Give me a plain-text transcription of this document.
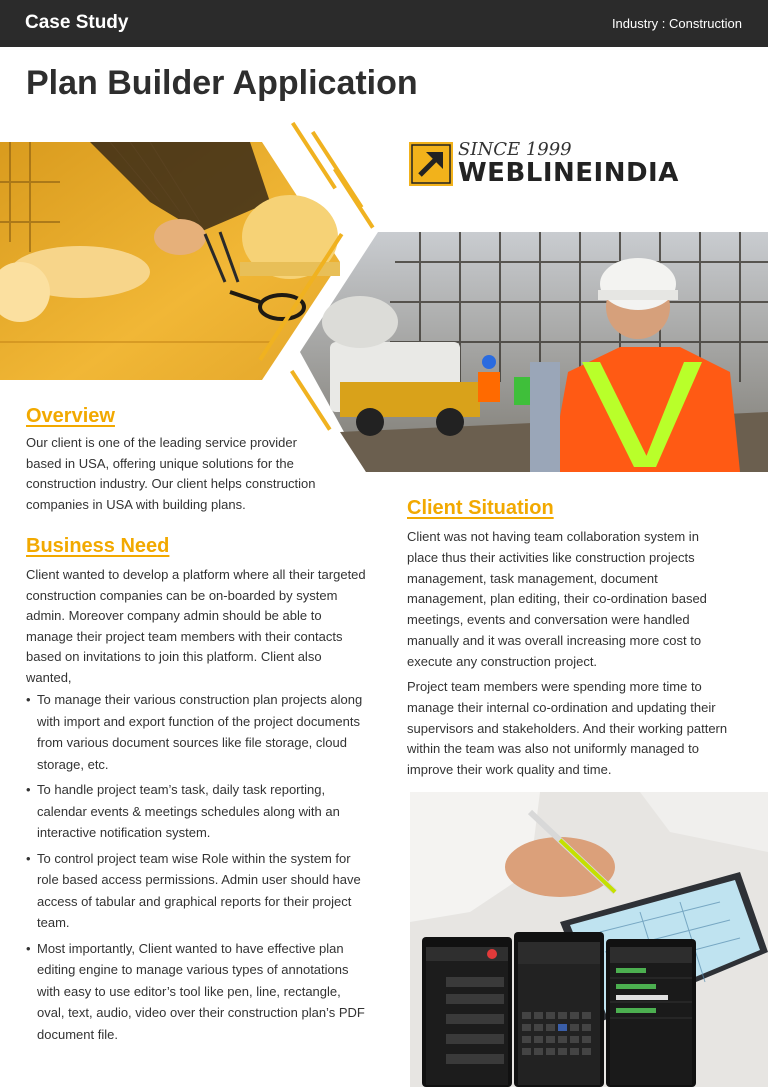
Case Study	Industry : Construction
Plan Builder Application
SINCE 1999
WEBLINEINDIA
Overview
Our client is one of the leading service provider based in USA, offering unique solutions for the construction industry. Our client helps construction companies in USA with building plans.
Business Need
Client wanted to develop a platform where all their targeted construction companies can be on-boarded by system admin. Moreover company admin should be able to manage their project team members with their contacts based on invitations to join this platform. Client also wanted,
• To manage their various construction plan projects along with import and export function of the project documents from various document sources like file storage, cloud storage, etc.
• To handle project team’s task, daily task reporting, calendar events & meetings schedules along with an interactive notification system.
• To control project team wise Role within the system for role based access permissions. Admin user should have access of tabular and graphical reports for their project team.
• Most importantly, Client wanted to have effective plan editing engine to manage various types of annotations with easy to use editor’s tool like pen, line, rectangle, oval, text, audio, video over their construction plan’s PDF document file.
Client Situation
Client was not having team collaboration system in place thus their activities like construction projects management, task management, document management, plan editing, their co-ordination based meetings, events and conversation were handled manually and it was overall increasing more cost to execute any construction project.
Project team members were spending more time to manage their internal co-ordination and updating their supervisors and stakeholders. And their working pattern within the team was also not uniformly managed to improve their work quality and time.
